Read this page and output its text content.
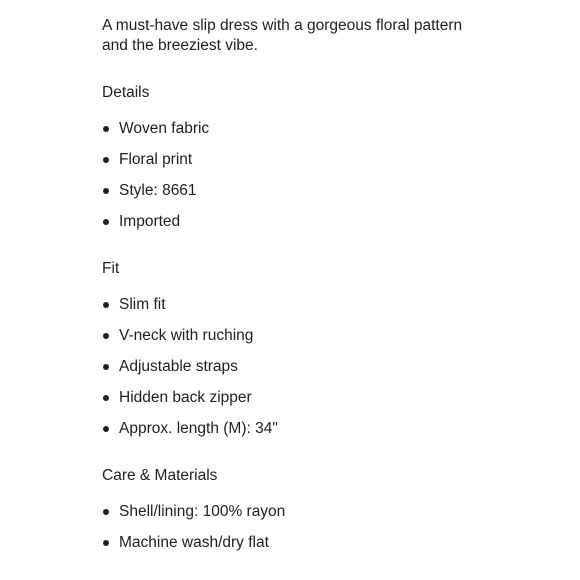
A must-have slip dress with a gorgeous floral pattern and the breeziest vibe.

Details
Woven fabric
Floral print
Style: 8661
Imported
Fit
Slim fit
V-neck with ruching
Adjustable straps
Hidden back zipper
Approx. length (M): 34"
Care & Materials
Shell/lining: 100% rayon
Machine wash/dry flat
